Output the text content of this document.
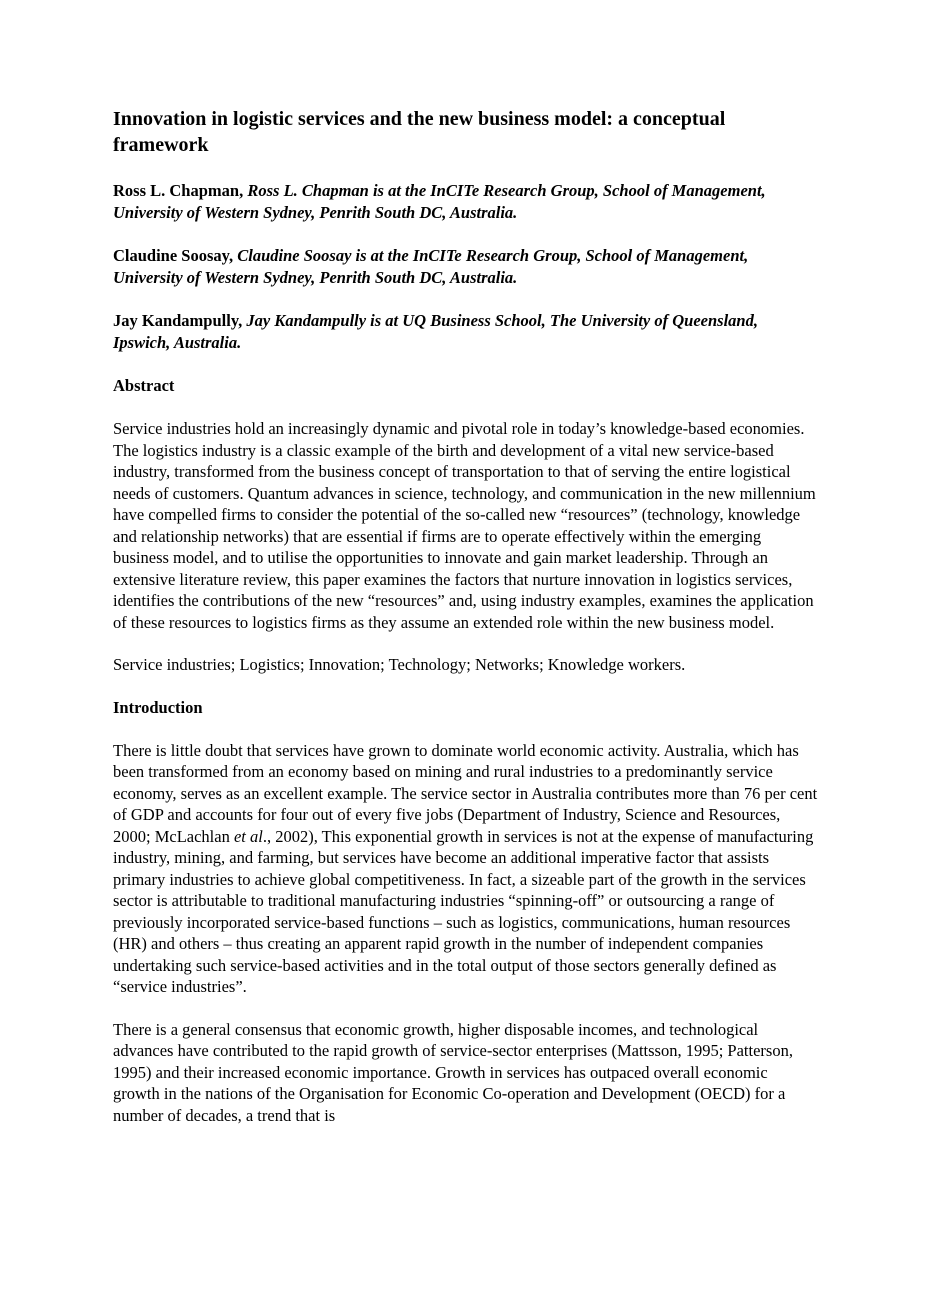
Innovation in logistic services and the new business model: a conceptual framework

Ross L. Chapman, Ross L. Chapman is at the InCITe Research Group, School of Management, University of Western Sydney, Penrith South DC, Australia.

Claudine Soosay, Claudine Soosay is at the InCITe Research Group, School of Management, University of Western Sydney, Penrith South DC, Australia.

Jay Kandampully, Jay Kandampully is at UQ Business School, The University of Queensland, Ipswich, Australia.

Abstract

Service industries hold an increasingly dynamic and pivotal role in today’s knowledge-based economies. The logistics industry is a classic example of the birth and development of a vital new service-based industry, transformed from the business concept of transportation to that of serving the entire logistical needs of customers. Quantum advances in science, technology, and communication in the new millennium have compelled firms to consider the potential of the so-called new “resources” (technology, knowledge and relationship networks) that are essential if firms are to operate effectively within the emerging business model, and to utilise the opportunities to innovate and gain market leadership. Through an extensive literature review, this paper examines the factors that nurture innovation in logistics services, identifies the contributions of the new “resources” and, using industry examples, examines the application of these resources to logistics firms as they assume an extended role within the new business model.

Service industries; Logistics; Innovation; Technology; Networks; Knowledge workers.

Introduction

There is little doubt that services have grown to dominate world economic activity. Australia, which has been transformed from an economy based on mining and rural industries to a predominantly service economy, serves as an excellent example. The service sector in Australia contributes more than 76 per cent of GDP and accounts for four out of every five jobs (Department of Industry, Science and Resources, 2000; McLachlan et al., 2002), This exponential growth in services is not at the expense of manufacturing industry, mining, and farming, but services have become an additional imperative factor that assists primary industries to achieve global competitiveness. In fact, a sizeable part of the growth in the services sector is attributable to traditional manufacturing industries “spinning-off” or outsourcing a range of previously incorporated service-based functions – such as logistics, communications, human resources (HR) and others – thus creating an apparent rapid growth in the number of independent companies undertaking such service-based activities and in the total output of those sectors generally defined as “service industries”.

There is a general consensus that economic growth, higher disposable incomes, and technological advances have contributed to the rapid growth of service-sector enterprises (Mattsson, 1995; Patterson, 1995) and their increased economic importance. Growth in services has outpaced overall economic growth in the nations of the Organisation for Economic Co-operation and Development (OECD) for a number of decades, a trend that is
